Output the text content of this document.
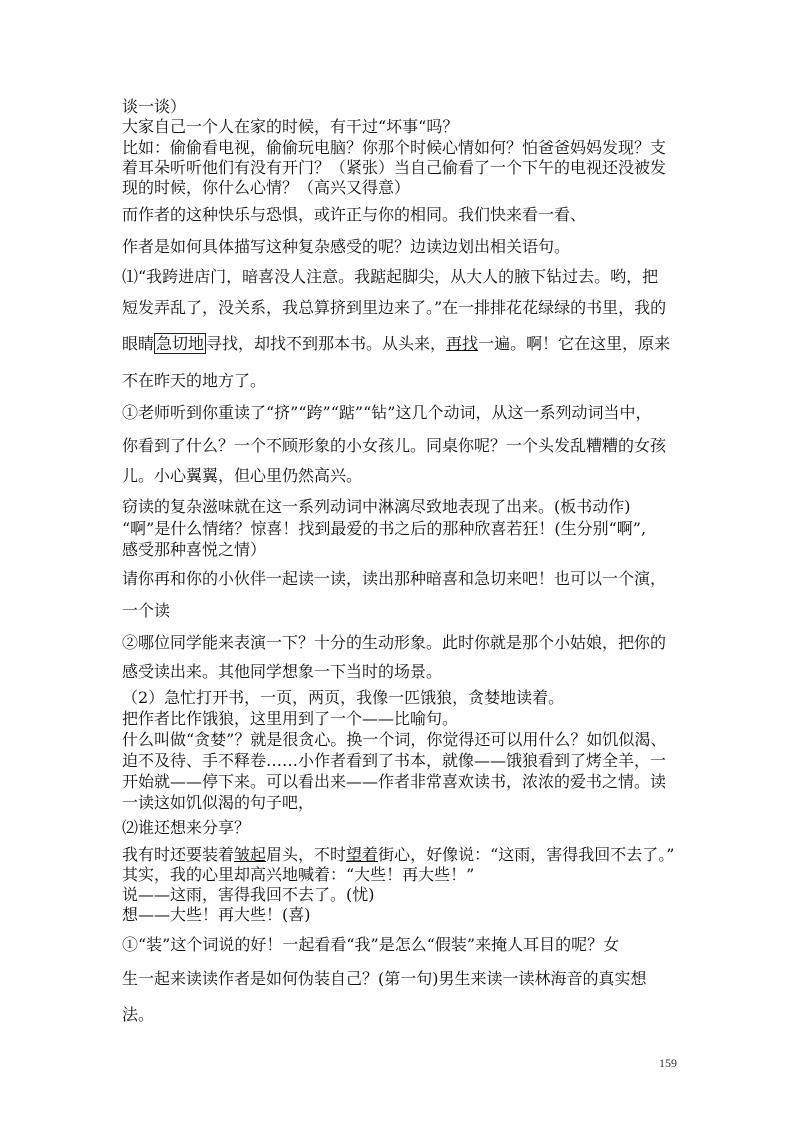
谈一谈）
大家自己一个人在家的时候，有干过“坏事“吗？
比如：偷偷看电视，偷偷玩电脑？你那个时候心情如何？怕爸爸妈妈发现？支
着耳朵听听他们有没有开门？（紧张）当自己偷看了一个下午的电视还没被发
现的时候，你什么心情？（高兴又得意）
而作者的这种快乐与恐惧，或许正与你的相同。我们快来看一看、
作者是如何具体描写这种复杂感受的呢？边读边划出相关语句。
⑴“我跨进店门，暗喜没人注意。我踮起脚尖，从大人的腋下钻过去。哟，把
短发弄乱了，没关系，我总算挤到里边来了。”在一排排花花绿绿的书里，我的
眼睛 急切地 寻找，却找不到那本书。从头来，再找一遍。啊！它在这里，原来
不在昨天的地方了。
①老师听到你重读了“挤”“跨”“踮”“钻”这几个动词，从这一系列动词当中，
你看到了什么？一个不顾形象的小女孩儿。同桌你呢？一个头发乱糟糟的女孩
儿。小心翼翼，但心里仍然高兴。
窃读的复杂滋味就在这一系列动词中淋漓尽致地表现了出来。(板书动作)
“啊”是什么情绪？惊喜！找到最爱的书之后的那种欣喜若狂！(生分别“啊”,
感受那种喜悦之情）
请你再和你的小伙伴一起读一读，读出那种暗喜和急切来吧！也可以一个演，
一个读
②哪位同学能来表演一下？十分的生动形象。此时你就是那个小姑娘，把你的
感受读出来。其他同学想象一下当时的场景。
（2）急忙打开书，一页，两页，我像一匹饿狼，贪婪地读着。
把作者比作饿狼，这里用到了一个——比喻句。
什么叫做“贪婪”？就是很贪心。换一个词，你觉得还可以用什么？如饥似渴、
迫不及待、手不释卷……小作者看到了书本，就像——饿狼看到了烤全羊，一
开始就——停下来。可以看出来——作者非常喜欢读书，浓浓的爱书之情。读
一读这如饥似渴的句子吧，
⑵谁还想来分享？
我有时还要装着皱起眉头，不时望着街心，好像说：“这雨，害得我回不去了。”
其实，我的心里却高兴地喊着：“大些！再大些！”
说——这雨，害得我回不去了。(忧)
想——大些！再大些！(喜)
①“装”这个词说的好！一起看看“我”是怎么“假装”来掩人耳目的呢？女
生一起来读读作者是如何伪装自己？(第一句)男生来读一读林海音的真实想
法。
159
